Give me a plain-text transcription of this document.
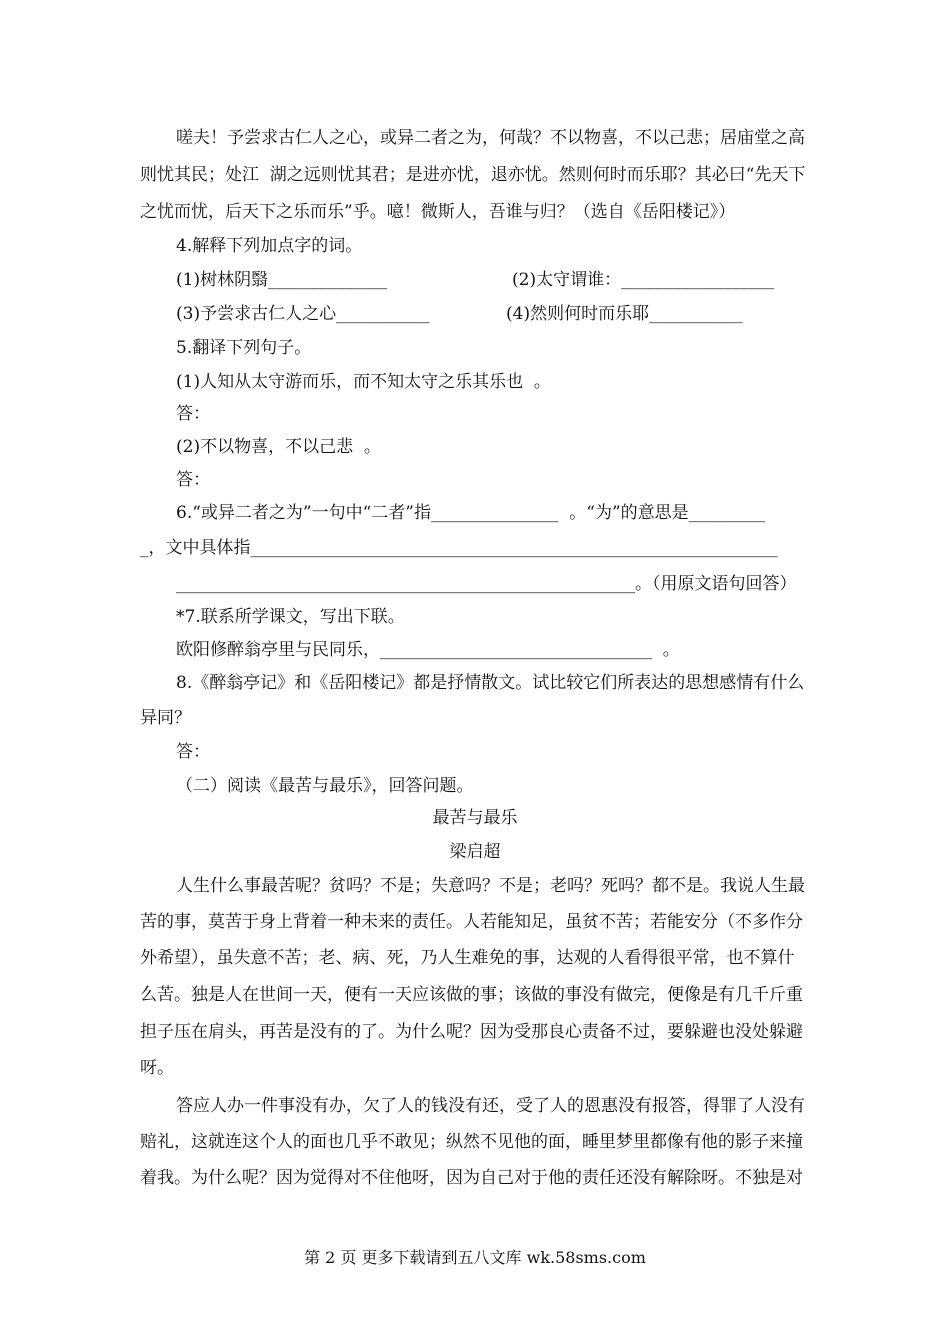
嗟夫！予尝求古仁人之心，或异二者之为，何哉？不以物喜，不以己悲；居庙堂之高
则忧其民；处江  湖之远则忧其君；是进亦忧，退亦忧。然则何时而乐耶？其必曰“先天下
之忧而忧，后天下之乐而乐”乎。噫！微斯人，吾谁与归？（选自《岳阳楼记》）
4.解释下列加点字的词。
(1)树林阴翳______________	(2)太守谓谁：__________________
(3)予尝求古仁人之心___________	(4)然则何时而乐耶___________
5.翻译下列句子。
(1)人知从太守游而乐，而不知太守之乐其乐也  。
答：
(2)不以物喜，不以己悲  。
答：
6.“或异二者之为”一句中“二者”指_______________  。“为”的意思是_________
_，文中具体指______________________________________________________________
______________________________________________________。（用原文语句回答）
*7.联系所学课文，写出下联。
欧阳修醉翁亭里与民同乐，________________________________  。
8.《醉翁亭记》和《岳阳楼记》都是抒情散文。试比较它们所表达的思想感情有什么
异同？
答：
（二）阅读《最苦与最乐》，回答问题。
最苦与最乐
梁启超
人生什么事最苦呢？贫吗？不是；失意吗？不是；老吗？死吗？都不是。我说人生最
苦的事，莫苦于身上背着一种未来的责任。人若能知足，虽贫不苦；若能安分（不多作分
外希望），虽失意不苦；老、病、死，乃人生难免的事，达观的人看得很平常，也不算什
么苦。独是人在世间一天，便有一天应该做的事；该做的事没有做完，便像是有几千斤重
担子压在肩头，再苦是没有的了。为什么呢？因为受那良心责备不过，要躲避也没处躲避
呀。
答应人办一件事没有办，欠了人的钱没有还，受了人的恩惠没有报答，得罪了人没有
赔礼，这就连这个人的面也几乎不敢见；纵然不见他的面，睡里梦里都像有他的影子来撞
着我。为什么呢？因为觉得对不住他呀，因为自己对于他的责任还没有解除呀。不独是对
第 2 页 更多下载请到五八文库 wk.58sms.com
